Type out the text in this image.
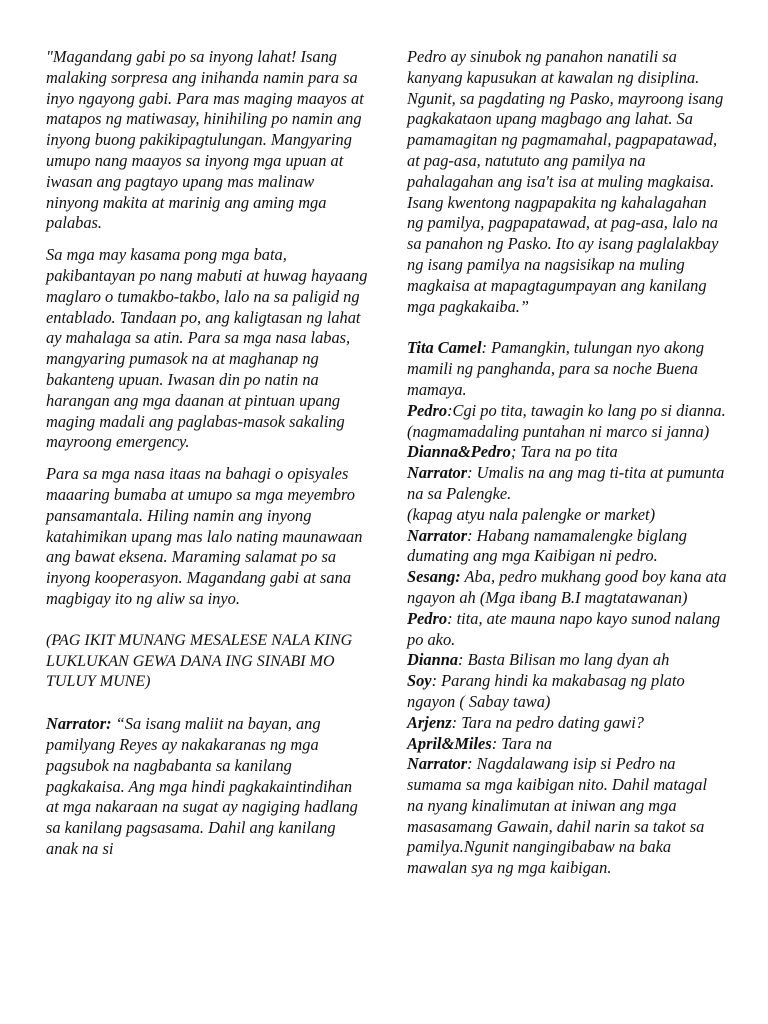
"Magandang gabi po sa inyong lahat! Isang malaking sorpresa ang inihanda namin para sa inyo ngayong gabi. Para mas maging maayos at matapos ng matiwasay, hinihiling po namin ang inyong buong pakikipagtulungan. Mangyaring umupo nang maayos sa inyong mga upuan at iwasan ang pagtayo upang mas malinaw ninyong makita at marinig ang aming mga palabas.

Sa mga may kasama pong mga bata, pakibantayan po nang mabuti at huwag hayaang maglaro o tumakbo-takbo, lalo na sa paligid ng entablado. Tandaan po, ang kaligtasan ng lahat ay mahalaga sa atin. Para sa mga nasa labas, mangyaring pumasok na at maghanap ng bakanteng upuan. Iwasan din po natin na harangan ang mga daanan at pintuan upang maging madali ang paglabas-masok sakaling mayroong emergency.

Para sa mga nasa itaas na bahagi o opisyales maaaring bumaba at umupo sa mga meyembro pansamantala. Hiling namin ang inyong katahimikan upang mas lalo nating maunawaan ang bawat eksena. Maraming salamat po sa inyong kooperasyon. Magandang gabi at sana magbigay ito ng aliw sa inyo.

(PAG IKIT MUNANG MESALESE NALA KING LUKLUKAN GEWA DANA ING SINABI MO TULUY MUNE)

Narrator: “Sa isang maliit na bayan, ang pamilyang Reyes ay nakakaranas ng mga pagsubok na nagbabanta sa kanilang pagkakaisa. Ang mga hindi pagkakaintindihan at mga nakaraan na sugat ay nagiging hadlang sa kanilang pagsasama. Dahil ang kanilang anak na si

Pedro ay sinubok ng panahon nanatili sa kanyang kapusukan at kawalan ng disiplina. Ngunit, sa pagdating ng Pasko, mayroong isang pagkakataon upang magbago ang lahat. Sa pamamagitan ng pagmamahal, pagpapatawad, at pag-asa, natututo ang pamilya na pahalagahan ang isa't isa at muling magkaisa. Isang kwentong nagpapakita ng kahalagahan ng pamilya, pagpapatawad, at pag-asa, lalo na sa panahon ng Pasko. Ito ay isang paglalakbay ng isang pamilya na nagsisikap na muling magkaisa at mapagtagumpayan ang kanilang mga pagkakaiba.”

Tita Camel: Pamangkin, tulungan nyo akong mamili ng panghanda, para sa noche Buena mamaya.

Pedro:Cgi po tita, tawagin ko lang po si dianna.

(nagmamadaling puntahan ni marco si janna)

Dianna&Pedro; Tara na po tita

Narrator: Umalis na ang mag ti-tita at pumunta na sa Palengke.

(kapag atyu nala palengke or market)

Narrator: Habang namamalengke biglang dumating ang mga Kaibigan ni pedro.

Sesang: Aba, pedro mukhang good boy kana ata ngayon ah (Mga ibang B.I magtatawanan)

Pedro: tita, ate mauna napo kayo sunod nalang po ako.

Dianna: Basta Bilisan mo lang dyan ah

Soy: Parang hindi ka makabasag ng plato ngayon ( Sabay tawa)

Arjenz: Tara na pedro dating gawi?

April&Miles: Tara na

Narrator: Nagdalawang isip si Pedro na sumama sa mga kaibigan nito. Dahil matagal na nyang kinalimutan at iniwan ang mga masasamang Gawain, dahil narin sa takot sa pamilya.Ngunit nangingibabaw na baka mawalan sya ng mga kaibigan.
